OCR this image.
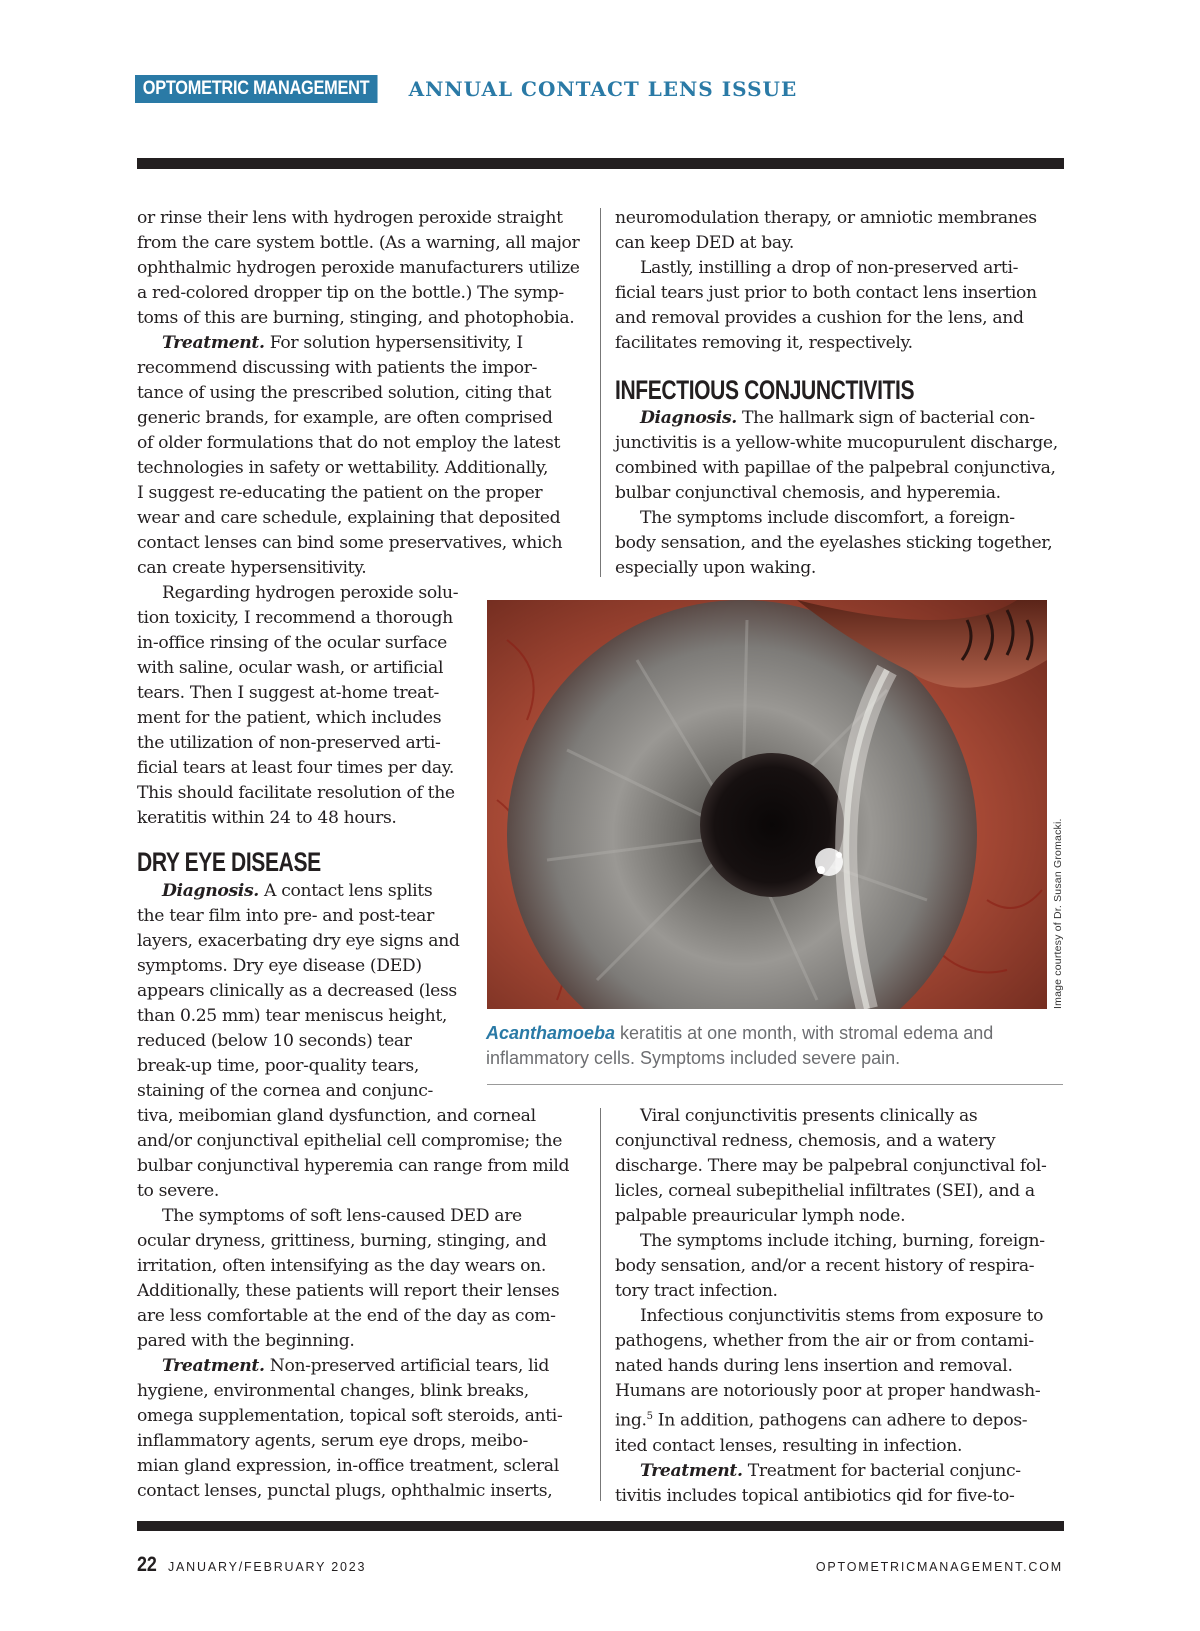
OPTOMETRIC MANAGEMENT	ANNUAL CONTACT LENS ISSUE

or rinse their lens with hydrogen peroxide straight

from the care system bottle. (As a warning, all major

ophthalmic hydrogen peroxide manufacturers utilize

a red-colored dropper tip on the bottle.) The symp-

toms of this are burning, stinging, and photophobia.

Treatment. For solution hypersensitivity, I

recommend discussing with patients the impor-

tance of using the prescribed solution, citing that

generic brands, for example, are often comprised

of older formulations that do not employ the latest

technologies in safety or wettability. Additionally,

I suggest re-educating the patient on the proper

wear and care schedule, explaining that deposited

contact lenses can bind some preservatives, which

can create hypersensitivity.

Regarding hydrogen peroxide solu-

tion toxicity, I recommend a thorough

in-office rinsing of the ocular surface

with saline, ocular wash, or artificial

tears. Then I suggest at-home treat-

ment for the patient, which includes

the utilization of non-preserved arti-

ficial tears at least four times per day.

This should facilitate resolution of the

keratitis within 24 to 48 hours.

DRY EYE DISEASE

Diagnosis. A contact lens splits

the tear film into pre- and post-tear

layers, exacerbating dry eye signs and

symptoms. Dry eye disease (DED)

appears clinically as a decreased (less

than 0.25 mm) tear meniscus height,

reduced (below 10 seconds) tear

break-up time, poor-quality tears,

staining of the cornea and conjunc-

tiva, meibomian gland dysfunction, and corneal

and/or conjunctival epithelial cell compromise; the

bulbar conjunctival hyperemia can range from mild

to severe.

The symptoms of soft lens-caused DED are

ocular dryness, grittiness, burning, stinging, and

irritation, often intensifying as the day wears on.

Additionally, these patients will report their lenses

are less comfortable at the end of the day as com-

pared with the beginning.

Treatment. Non-preserved artificial tears, lid

hygiene, environmental changes, blink breaks,

omega supplementation, topical soft steroids, anti-

inflammatory agents, serum eye drops, meibo-

mian gland expression, in-office treatment, scleral

contact lenses, punctal plugs, ophthalmic inserts,

neuromodulation therapy, or amniotic membranes

can keep DED at bay.

Lastly, instilling a drop of non-preserved arti-

ficial tears just prior to both contact lens insertion

and removal provides a cushion for the lens, and

facilitates removing it, respectively.

INFECTIOUS CONJUNCTIVITIS

Diagnosis. The hallmark sign of bacterial con-

junctivitis is a yellow-white mucopurulent discharge,

combined with papillae of the palpebral conjunctiva,

bulbar conjunctival chemosis, and hyperemia.

The symptoms include discomfort, a foreign-

body sensation, and the eyelashes sticking together,

especially upon waking.

Image courtesy of Dr. Susan Gromacki.
Acanthamoeba keratitis at one month, with stromal edema and
inflammatory cells. Symptoms included severe pain.

Viral conjunctivitis presents clinically as

conjunctival redness, chemosis, and a watery

discharge. There may be palpebral conjunctival fol-

licles, corneal subepithelial infiltrates (SEI), and a

palpable preauricular lymph node.

The symptoms include itching, burning, foreign-

body sensation, and/or a recent history of respira-

tory tract infection.

Infectious conjunctivitis stems from exposure to

pathogens, whether from the air or from contami-

nated hands during lens insertion and removal.

Humans are notoriously poor at proper handwash-

ing.$^5$ In addition, pathogens can adhere to depos-

ited contact lenses, resulting in infection.

Treatment. Treatment for bacterial conjunc-

tivitis includes topical antibiotics qid for five-to-

22 JANUARY/FEBRUARY 2023	OPTOMETRICMANAGEMENT.COM
